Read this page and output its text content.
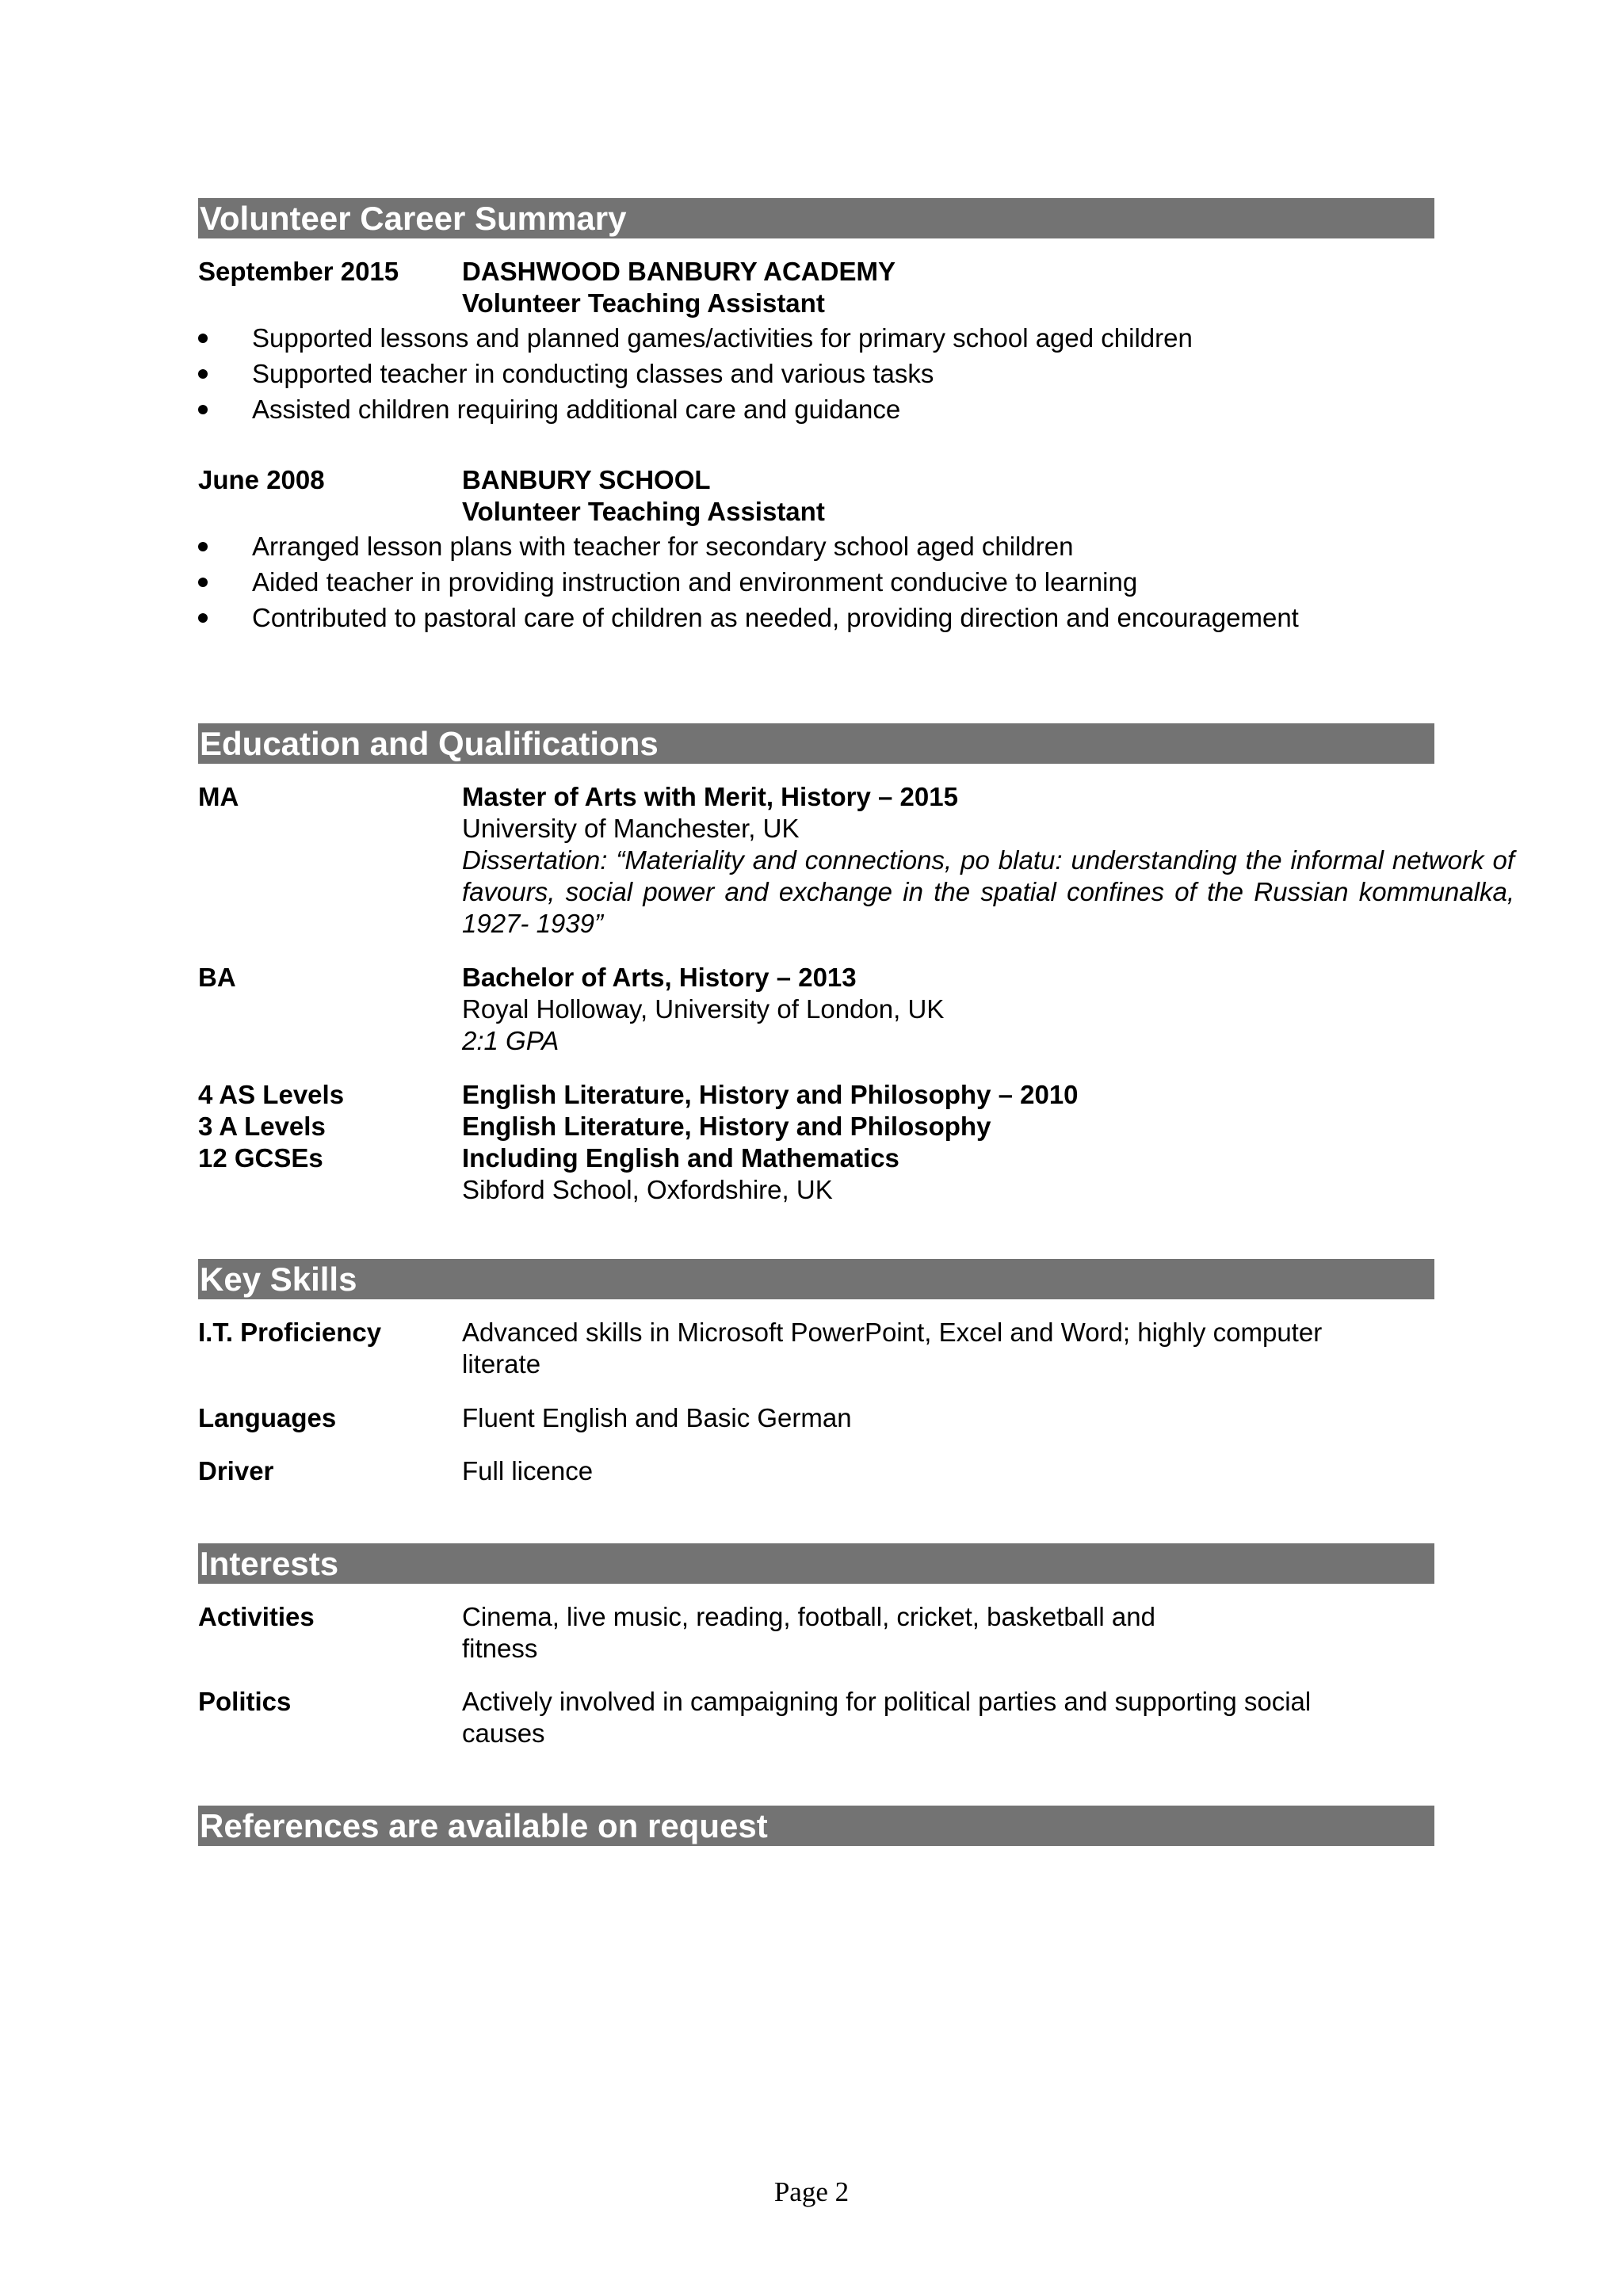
Volunteer Career Summary
September 2015 DASHWOOD BANBURY ACADEMY
Volunteer Teaching Assistant
Supported lessons and planned games/activities for primary school aged children
Supported teacher in conducting classes and various tasks
Assisted children requiring additional care and guidance
June 2008	BANBURY SCHOOL
Volunteer Teaching Assistant
Arranged lesson plans with teacher for secondary school aged children
Aided teacher in providing instruction and environment conducive to learning
Contributed to pastoral care of children as needed, providing direction and encouragement
Education and Qualifications
MA	Master of Arts with Merit, History – 2015
University of Manchester, UK
Dissertation: “Materiality and connections, po blatu: understanding the informal network of favours, social power and exchange in the spatial confines of the Russian kommunalka, 1927- 1939”
BA	Bachelor of Arts, History – 2013
Royal Holloway, University of London, UK
2:1 GPA
4 AS Levels	English Literature, History and Philosophy – 2010
3 A Levels	English Literature, History and Philosophy
12 GCSEs	Including English and Mathematics
Sibford School, Oxfordshire, UK
Key Skills
I.T. Proficiency	Advanced skills in Microsoft PowerPoint, Excel and Word; highly computer
literate
Languages	Fluent English and Basic German
Driver	Full licence
Interests
Activities	Cinema, live music, reading, football, cricket, basketball and
fitness
Politics	Actively involved in campaigning for political parties and supporting social
causes
References are available on request
Page 2
